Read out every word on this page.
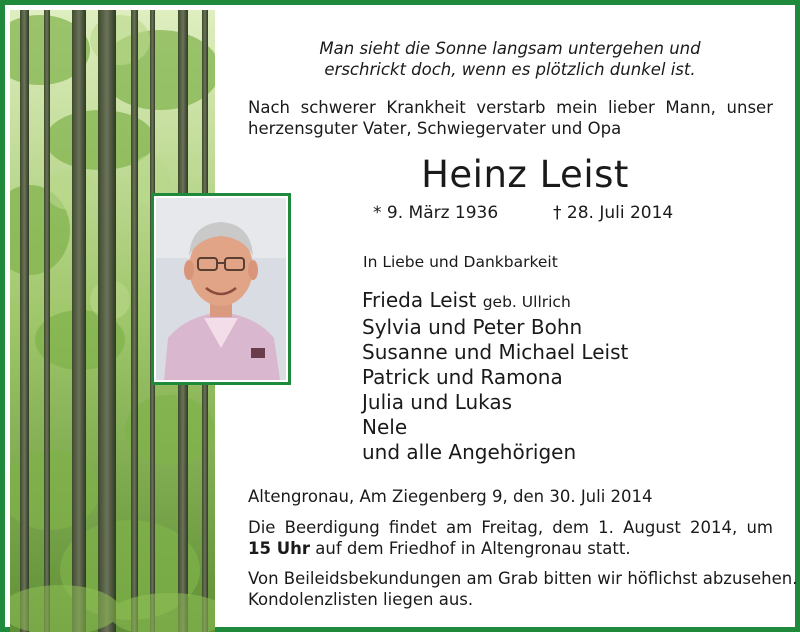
Man sieht die Sonne langsam untergehen und
erschrickt doch, wenn es plötzlich dunkel ist.
Nach schwerer Krankheit verstarb mein lieber Mann, unser
herzensguter Vater, Schwiegervater und Opa
Heinz Leist
* 9. März 1936	† 28. Juli 2014
In Liebe und Dankbarkeit
Frieda Leist geb. Ullrich
Sylvia und Peter Bohn
Susanne und Michael Leist
Patrick und Ramona
Julia und Lukas
Nele
und alle Angehörigen
Altengronau, Am Ziegenberg 9, den 30. Juli 2014
Die Beerdigung findet am Freitag, dem 1. August 2014, um
15 Uhr auf dem Friedhof in Altengronau statt.
Von Beileidsbekundungen am Grab bitten wir höflichst abzusehen.
Kondolenzlisten liegen aus.
